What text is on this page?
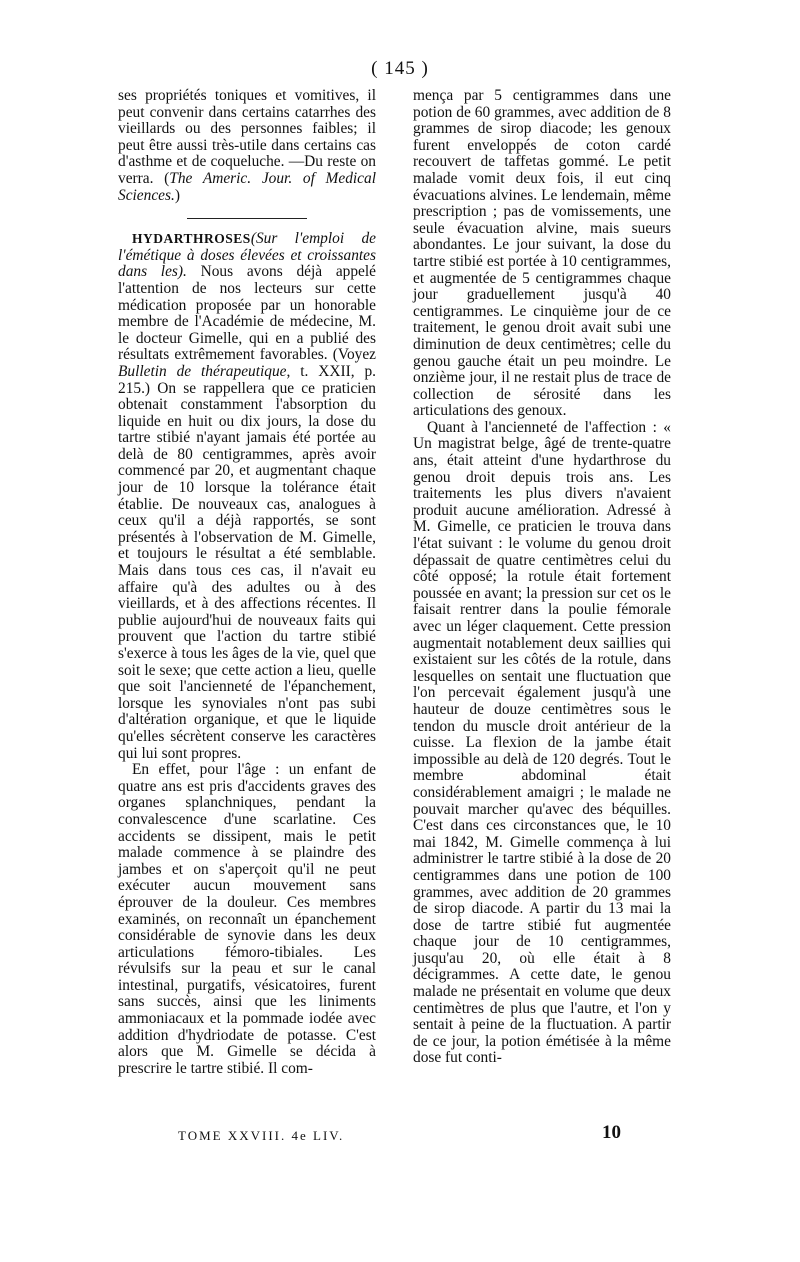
( 145 )

ses propriétés toniques et vomitives, il peut convenir dans certains catarrhes des vieillards ou des personnes faibles; il peut être aussi très-utile dans certains cas d'asthme et de coqueluche. —Du reste on verra. (The Americ. Jour. of Medical Sciences.)

HYDARTHROSES(Sur l'emploi de l'émétique à doses élevées et croissantes dans les). Nous avons déjà appelé l'attention de nos lecteurs sur cette médication proposée par un honorable membre de l'Académie de médecine, M. le docteur Gimelle, qui en a publié des résultats extrêmement favorables. (Voyez Bulletin de thérapeutique, t. XXII, p. 215.) On se rappellera que ce praticien obtenait constamment l'absorption du liquide en huit ou dix jours, la dose du tartre stibié n'ayant jamais été portée au delà de 80 centigrammes, après avoir commencé par 20, et augmentant chaque jour de 10 lorsque la tolérance était établie. De nouveaux cas, analogues à ceux qu'il a déjà rapportés, se sont présentés à l'observation de M. Gimelle, et toujours le résultat a été semblable. Mais dans tous ces cas, il n'avait eu affaire qu'à des adultes ou à des vieillards, et à des affections récentes. Il publie aujourd'hui de nouveaux faits qui prouvent que l'action du tartre stibié s'exerce à tous les âges de la vie, quel que soit le sexe; que cette action a lieu, quelle que soit l'ancienneté de l'épanchement, lorsque les synoviales n'ont pas subi d'altération organique, et que le liquide qu'elles sécrètent conserve les caractères qui lui sont propres.

En effet, pour l'âge : un enfant de quatre ans est pris d'accidents graves des organes splanchniques, pendant la convalescence d'une scarlatine. Ces accidents se dissipent, mais le petit malade commence à se plaindre des jambes et on s'aperçoit qu'il ne peut exécuter aucun mouvement sans éprouver de la douleur. Ces membres examinés, on reconnaît un épanchement considérable de synovie dans les deux articulations fémoro-tibiales. Les révulsifs sur la peau et sur le canal intestinal, purgatifs, vésicatoires, furent sans succès, ainsi que les liniments ammoniacaux et la pommade iodée avec addition d'hydriodate de potasse. C'est alors que M. Gimelle se décida à prescrire le tartre stibié. Il com-

mença par 5 centigrammes dans une potion de 60 grammes, avec addition de 8 grammes de sirop diacode; les genoux furent enveloppés de coton cardé recouvert de taffetas gommé. Le petit malade vomit deux fois, il eut cinq évacuations alvines. Le lendemain, même prescription ; pas de vomissements, une seule évacuation alvine, mais sueurs abondantes. Le jour suivant, la dose du tartre stibié est portée à 10 centigrammes, et augmentée de 5 centigrammes chaque jour graduellement jusqu'à 40 centigrammes. Le cinquième jour de ce traitement, le genou droit avait subi une diminution de deux centimètres; celle du genou gauche était un peu moindre. Le onzième jour, il ne restait plus de trace de collection de sérosité dans les articulations des genoux.

Quant à l'ancienneté de l'affection : « Un magistrat belge, âgé de trente-quatre ans, était atteint d'une hydarthrose du genou droit depuis trois ans. Les traitements les plus divers n'avaient produit aucune amélioration. Adressé à M. Gimelle, ce praticien le trouva dans l'état suivant : le volume du genou droit dépassait de quatre centimètres celui du côté opposé; la rotule était fortement poussée en avant; la pression sur cet os le faisait rentrer dans la poulie fémorale avec un léger claquement. Cette pression augmentait notablement deux saillies qui existaient sur les côtés de la rotule, dans lesquelles on sentait une fluctuation que l'on percevait également jusqu'à une hauteur de douze centimètres sous le tendon du muscle droit antérieur de la cuisse. La flexion de la jambe était impossible au delà de 120 degrés. Tout le membre abdominal était considérablement amaigri ; le malade ne pouvait marcher qu'avec des béquilles. C'est dans ces circonstances que, le 10 mai 1842, M. Gimelle commença à lui administrer le tartre stibié à la dose de 20 centigrammes dans une potion de 100 grammes, avec addition de 20 grammes de sirop diacode. A partir du 13 mai la dose de tartre stibié fut augmentée chaque jour de 10 centigrammes, jusqu'au 20, où elle était à 8 décigrammes. A cette date, le genou malade ne présentait en volume que deux centimètres de plus que l'autre, et l'on y sentait à peine de la fluctuation. A partir de ce jour, la potion émétisée à la même dose fut conti-

TOME XXVIII. 4e LIV.	10
